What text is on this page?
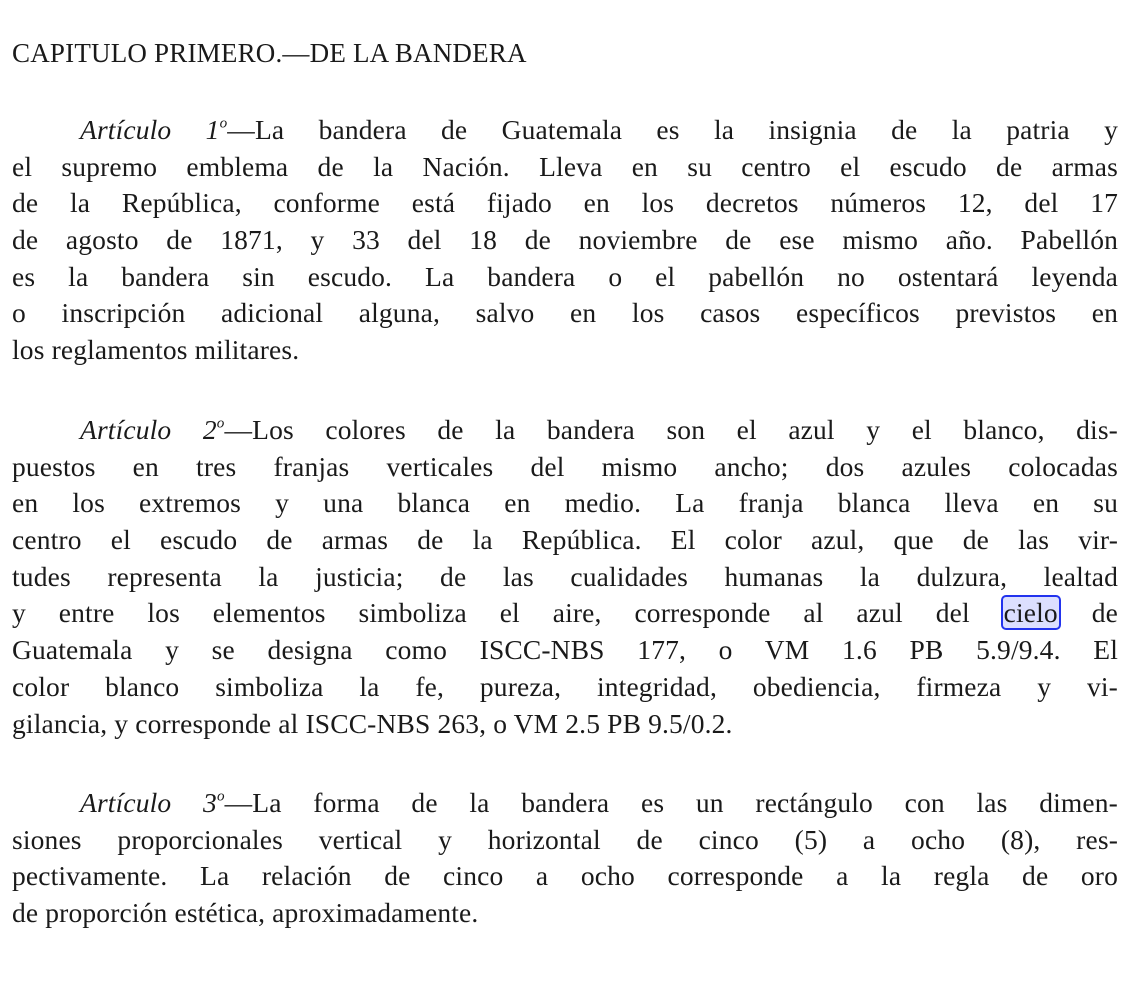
CAPITULO PRIMERO.—DE LA BANDERA
Artículo 1$^o$—La bandera de Guatemala es la insignia de la patria y
el supremo emblema de la Nación. Lleva en su centro el escudo de armas
de la República, conforme está fijado en los decretos números 12, del 17
de agosto de 1871, y 33 del 18 de noviembre de ese mismo año. Pabellón
es la bandera sin escudo. La bandera o el pabellón no ostentará leyenda
o inscripción adicional alguna, salvo en los casos específicos previstos en
los reglamentos militares.
Artículo 2$^o$—Los colores de la bandera son el azul y el blanco, dis-
puestos en tres franjas verticales del mismo ancho; dos azules colocadas
en los extremos y una blanca en medio. La franja blanca lleva en su
centro el escudo de armas de la República. El color azul, que de las vir-
tudes representa la justicia; de las cualidades humanas la dulzura, lealtad
y entre los elementos simboliza el aire, corresponde al azul del cielo de
Guatemala y se designa como ISCC-NBS 177, o VM 1.6 PB 5.9/9.4. El
color blanco simboliza la fe, pureza, integridad, obediencia, firmeza y vi-
gilancia, y corresponde al ISCC-NBS 263, o VM 2.5 PB 9.5/0.2.
Artículo 3$^o$—La forma de la bandera es un rectángulo con las dimen-
siones proporcionales vertical y horizontal de cinco (5) a ocho (8), res-
pectivamente. La relación de cinco a ocho corresponde a la regla de oro
de proporción estética, aproximadamente.
